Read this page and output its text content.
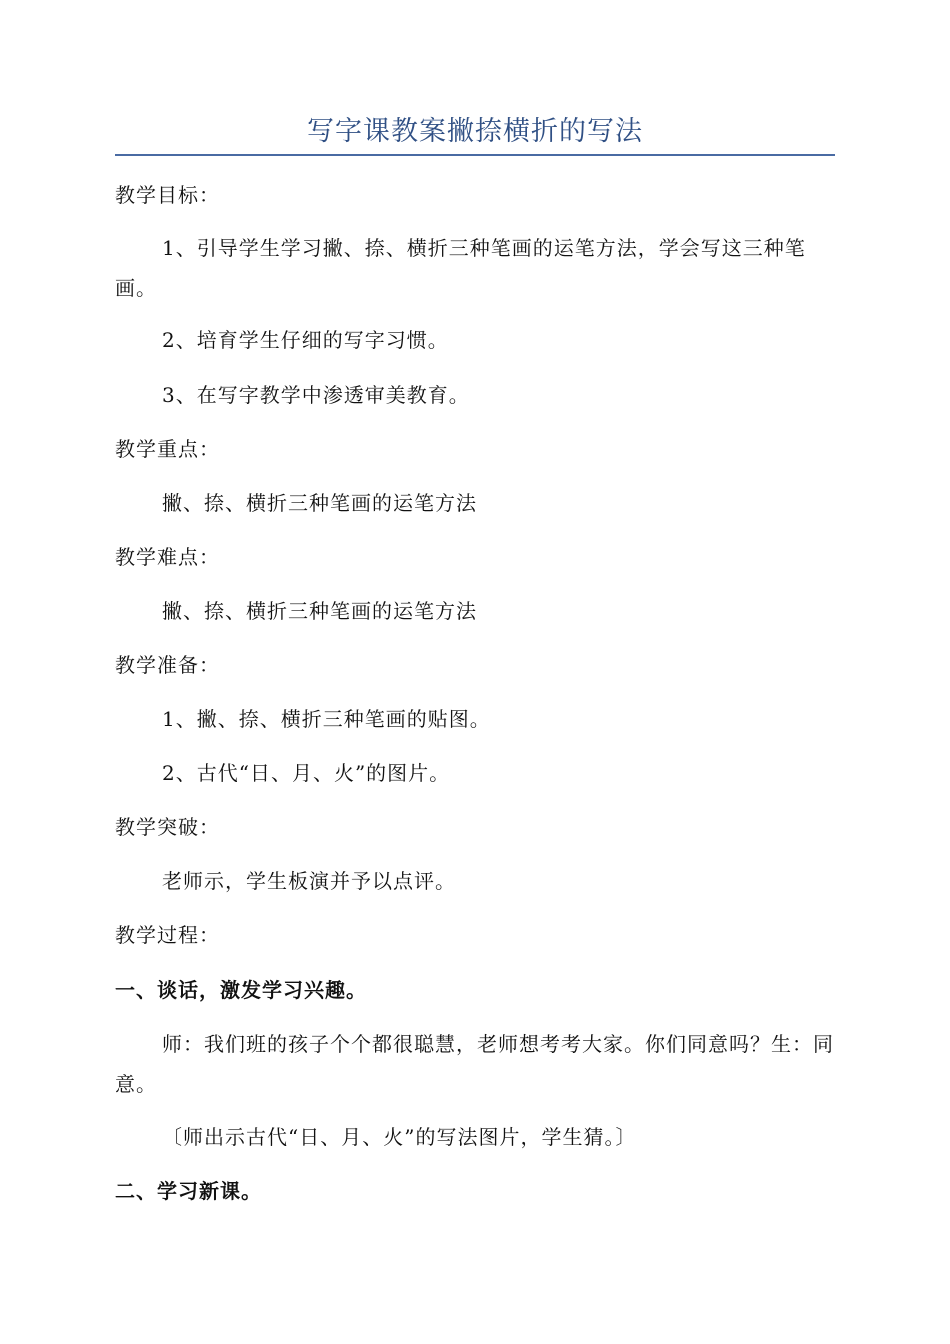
写字课教案撇捺横折的写法
教学目标：
1、引导学生学习撇、捺、横折三种笔画的运笔方法，学会写这三种笔画。
2、培育学生仔细的写字习惯。
3、在写字教学中渗透审美教育。
教学重点：
撇、捺、横折三种笔画的运笔方法
教学难点：
撇、捺、横折三种笔画的运笔方法
教学准备：
1、撇、捺、横折三种笔画的贴图。
2、古代“日、月、火”的图片。
教学突破：
老师示，学生板演并予以点评。
教学过程：
一、谈话，激发学习兴趣。
师：我们班的孩子个个都很聪慧，老师想考考大家。你们同意吗？生：同意。
〔师出示古代“日、月、火”的写法图片，学生猜。〕
二、学习新课。
